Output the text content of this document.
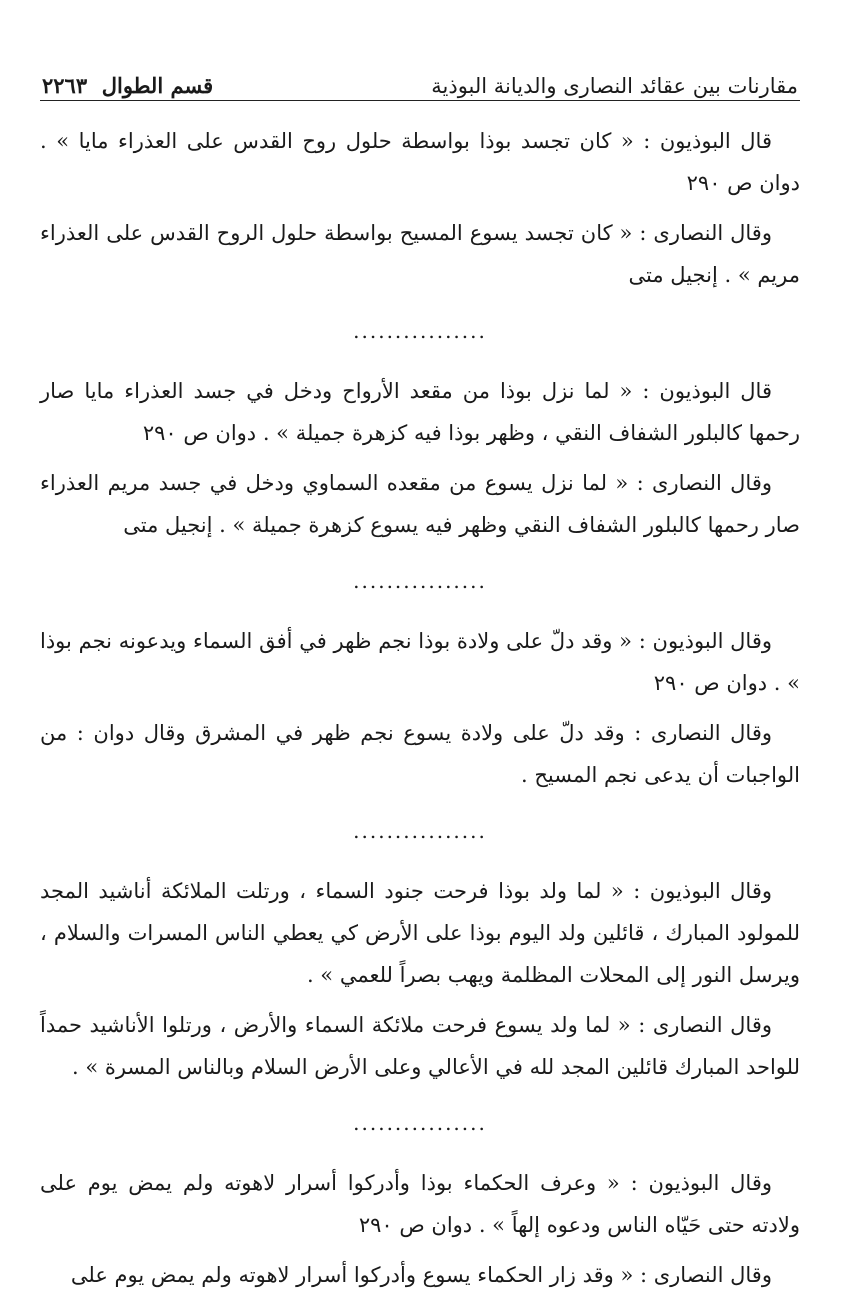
مقارنات بين عقائد النصارى والديانة البوذية
قسم الطوال  ٢٢٦٣

قال البوذيون : « كان تجسد بوذا بواسطة حلول روح القدس على العذراء مايا » . دوان ص ٢٩٠

وقال النصارى : « كان تجسد يسوع المسيح بواسطة حلول الروح القدس على العذراء مريم » . إنجيل متى

................

قال البوذيون : « لما نزل بوذا من مقعد الأرواح ودخل في جسد العذراء مايا صار رحمها كالبلور الشفاف النقي ، وظهر بوذا فيه كزهرة جميلة » . دوان ص ٢٩٠

وقال النصارى : « لما نزل يسوع من مقعده السماوي ودخل في جسد مريم العذراء صار رحمها كالبلور الشفاف النقي وظهر فيه يسوع كزهرة جميلة » . إنجيل متى

................

وقال البوذيون : « وقد دلّ على ولادة بوذا نجم ظهر في أفق السماء ويدعونه نجم بوذا » . دوان ص ٢٩٠

وقال النصارى : وقد دلّ على ولادة يسوع نجم ظهر في المشرق وقال دوان : من الواجبات أن يدعى نجم المسيح .

................

وقال البوذيون : « لما ولد بوذا فرحت جنود السماء ، ورتلت الملائكة أناشيد المجد للمولود المبارك ، قائلين ولد اليوم بوذا على الأرض كي يعطي الناس المسرات والسلام ، ويرسل النور إلى المحلات المظلمة ويهب بصراً للعمي » .

وقال النصارى : « لما ولد يسوع فرحت ملائكة السماء والأرض ، ورتلوا الأناشيد حمداً للواحد المبارك قائلين المجد لله في الأعالي وعلى الأرض السلام وبالناس المسرة » .

................

وقال البوذيون : « وعرف الحكماء بوذا وأدركوا أسرار لاهوته ولم يمض يوم على ولادته حتى حَيّاه الناس ودعوه إلهاً » . دوان ص ٢٩٠

وقال النصارى : « وقد زار الحكماء يسوع وأدركوا أسرار لاهوته ولم يمض يوم على
